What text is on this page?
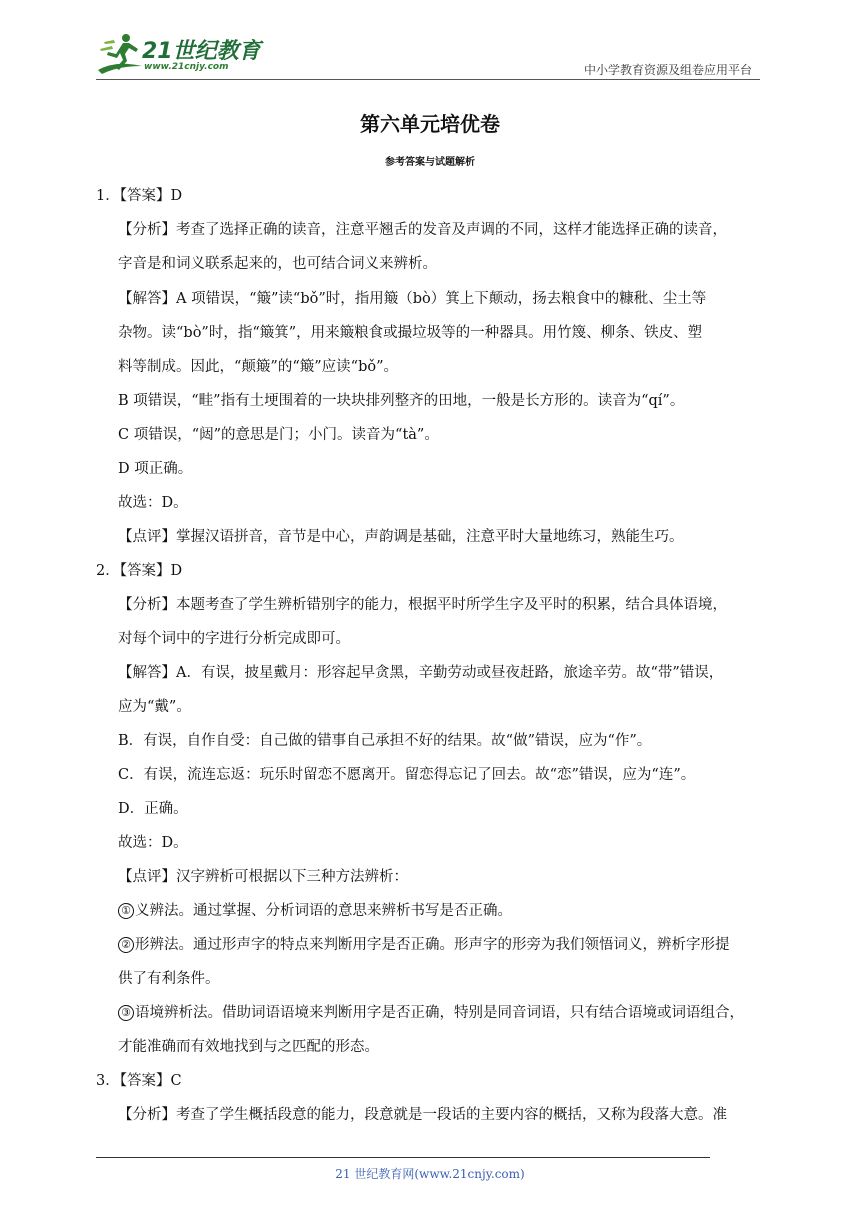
21世纪教育
www.21cnjy.com	中小学教育资源及组卷应用平台
第六单元培优卷
参考答案与试题解析
1．【答案】D
【分析】考查了选择正确的读音，注意平翘舌的发音及声调的不同，这样才能选择正确的读音，
字音是和词义联系起来的，也可结合词义来辨析。
【解答】A 项错误，“簸”读“bǒ”时，指用簸（bò）箕上下颠动，扬去粮食中的糠秕、尘土等
杂物。读“bò”时，指“簸箕”，用来簸粮食或撮垃圾等的一种器具。用竹篾、柳条、铁皮、塑
料等制成。因此，“颠簸”的“簸”应读“bǒ”。
B 项错误，“畦”指有土埂围着的一块块排列整齐的田地，一般是长方形的。读音为“qí”。
C 项错误，“闼”的意思是门；小门。读音为“tà”。
D 项正确。
故选：D。
【点评】掌握汉语拼音，音节是中心，声韵调是基础，注意平时大量地练习，熟能生巧。
2．【答案】D
【分析】本题考查了学生辨析错别字的能力，根据平时所学生字及平时的积累，结合具体语境，
对每个词中的字进行分析完成即可。
【解答】A．有误，披星戴月：形容起早贪黑，辛勤劳动或昼夜赶路，旅途辛劳。故“带”错误，
应为“戴”。
B．有误，自作自受：自己做的错事自己承担不好的结果。故“做”错误，应为“作”。
C．有误，流连忘返：玩乐时留恋不愿离开。留恋得忘记了回去。故“恋”错误，应为“连”。
D．正确。
故选：D。
【点评】汉字辨析可根据以下三种方法辨析：
① 义辨法。通过掌握、分析词语的意思来辨析书写是否正确。
② 形辨法。通过形声字的特点来判断用字是否正确。形声字的形旁为我们领悟词义，辨析字形提
供了有利条件。
③ 语境辨析法。借助词语语境来判断用字是否正确，特别是同音词语，只有结合语境或词语组合，
才能准确而有效地找到与之匹配的形态。
3．【答案】C
【分析】考查了学生概括段意的能力，段意就是一段话的主要内容的概括，又称为段落大意。准
21 世纪教育网(www.21cnjy.com)
